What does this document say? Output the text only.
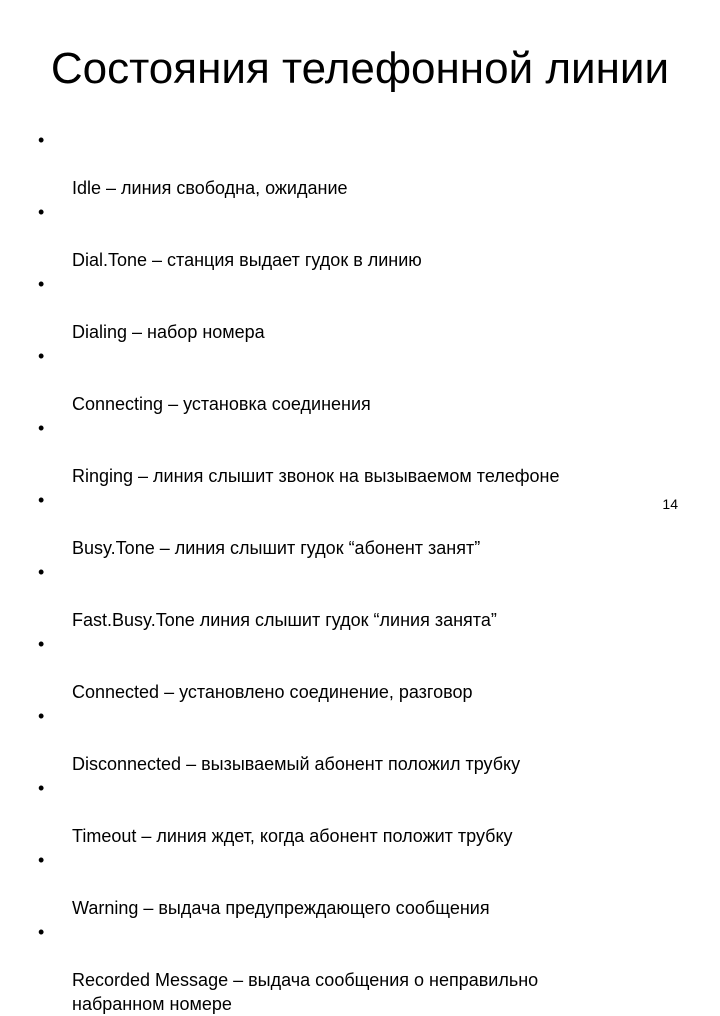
Состояния телефонной линии

•

Idle – линия свободна, ожидание

•

Dial.Tone – станция выдает гудок в линию

•

Dialing – набор номера

•

Connecting – установка соединения

•

Ringing – линия слышит звонок на вызываемом телефоне

•

Busy.Tone – линия слышит гудок “абонент занят”

•

Fast.Busy.Tone линия слышит гудок “линия занята”

•

Connected – установлено соединение, разговор

•

Disconnected – вызываемый абонент положил трубку

•

Timeout – линия ждет, когда абонент положит трубку

•

Warning – выдача предупреждающего сообщения

•

Recorded Message – выдача сообщения о неправильно
набранном номере

14
